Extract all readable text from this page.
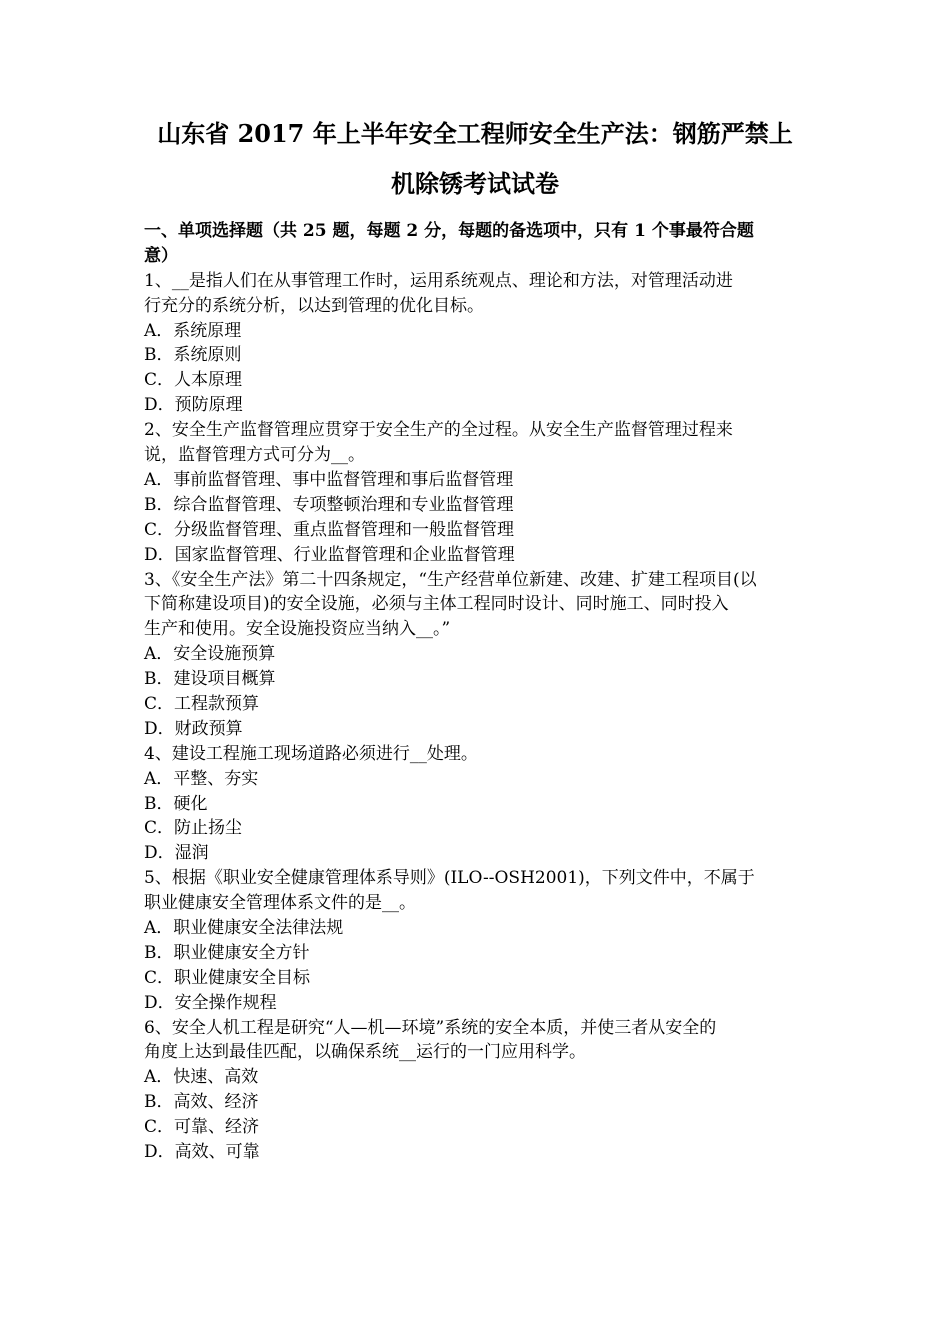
山东省 2017 年上半年安全工程师安全生产法：钢筋严禁上
机除锈考试试卷
一、单项选择题（共 25 题，每题 2 分，每题的备选项中，只有 1 个事最符合题
意）
1、__是指人们在从事管理工作时，运用系统观点、理论和方法，对管理活动进
行充分的系统分析，以达到管理的优化目标。
A．系统原理
B．系统原则
C．人本原理
D．预防原理
2、安全生产监督管理应贯穿于安全生产的全过程。从安全生产监督管理过程来
说，监督管理方式可分为__。
A．事前监督管理、事中监督管理和事后监督管理
B．综合监督管理、专项整顿治理和专业监督管理
C．分级监督管理、重点监督管理和一般监督管理
D．国家监督管理、行业监督管理和企业监督管理
3、《安全生产法》第二十四条规定，“生产经营单位新建、改建、扩建工程项目(以
下简称建设项目)的安全设施，必须与主体工程同时设计、同时施工、同时投入
生产和使用。安全设施投资应当纳入__。”
A．安全设施预算
B．建设项目概算
C．工程款预算
D．财政预算
4、建设工程施工现场道路必须进行__处理。
A．平整、夯实
B．硬化
C．防止扬尘
D．湿润
5、根据《职业安全健康管理体系导则》(ILO--OSH2001)，下列文件中，不属于
职业健康安全管理体系文件的是__。
A．职业健康安全法律法规
B．职业健康安全方针
C．职业健康安全目标
D．安全操作规程
6、安全人机工程是研究“人—机—环境”系统的安全本质，并使三者从安全的
角度上达到最佳匹配，以确保系统__运行的一门应用科学。
A．快速、高效
B．高效、经济
C．可靠、经济
D．高效、可靠
